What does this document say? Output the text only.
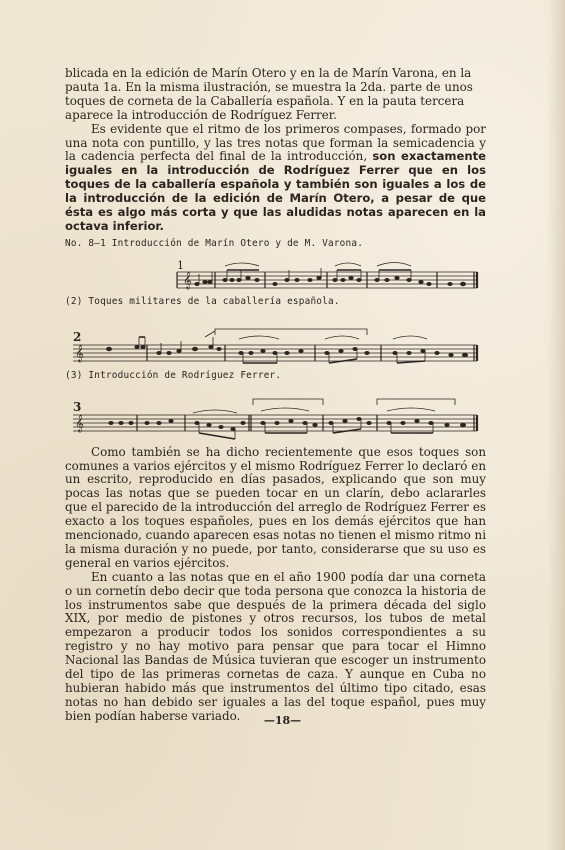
blicada en la edición de Marín Otero y en la de Marín Varona, en la
pauta 1a. En la misma ilustración, se muestra la 2da. parte de unos
toques de corneta de la Caballería española. Y en la pauta tercera
aparece la introducción de Rodríguez Ferrer.

Es evidente que el ritmo de los primeros compases, formado por una nota con puntillo, y las tres notas que forman la semicadencia y la cadencia perfecta del final de la introducción, son exactamente iguales en la introducción de Rodríguez Ferrer que en los toques de la caballería española y también son iguales a los de la introducción de la edición de Marín Otero, a pesar de que ésta es algo más corta y que las aludidas notas aparecen en la octava inferior.

No. 8—1 Introducción de Marín Otero y de M. Varona.

1
𝄞

(2) Toques militares de la caballería española.

2
𝄞

(3) Introducción de Rodríguez Ferrer.

3
𝄞

Como también se ha dicho recientemente que esos toques son comunes a varios ejércitos y el mismo Rodríguez Ferrer lo declaró en un escrito, reproducido en días pasados, explicando que son muy pocas las notas que se pueden tocar en un clarín, debo aclararles que el parecido de la introducción del arreglo de Rodríguez Ferrer es exacto a los toques españoles, pues en los demás ejércitos que han mencionado, cuando aparecen esas notas no tienen el mismo ritmo ni la misma duración y no puede, por tanto, considerarse que su uso es general en varios ejércitos.

En cuanto a las notas que en el año 1900 podía dar una corneta o un cornetín debo decir que toda persona que conozca la historia de los instrumentos sabe que después de la primera década del siglo XIX, por medio de pistones y otros recursos, los tubos de metal empezaron a producir todos los sonidos correspondientes a su registro y no hay motivo para pensar que para tocar el Himno Nacional las Bandas de Música tuvieran que escoger un instrumento del tipo de las primeras cornetas de caza. Y aunque en Cuba no hubieran habido más que instrumentos del último tipo citado, esas notas no han debido ser iguales a las del toque español, pues muy bien podían haberse variado.	—18—
